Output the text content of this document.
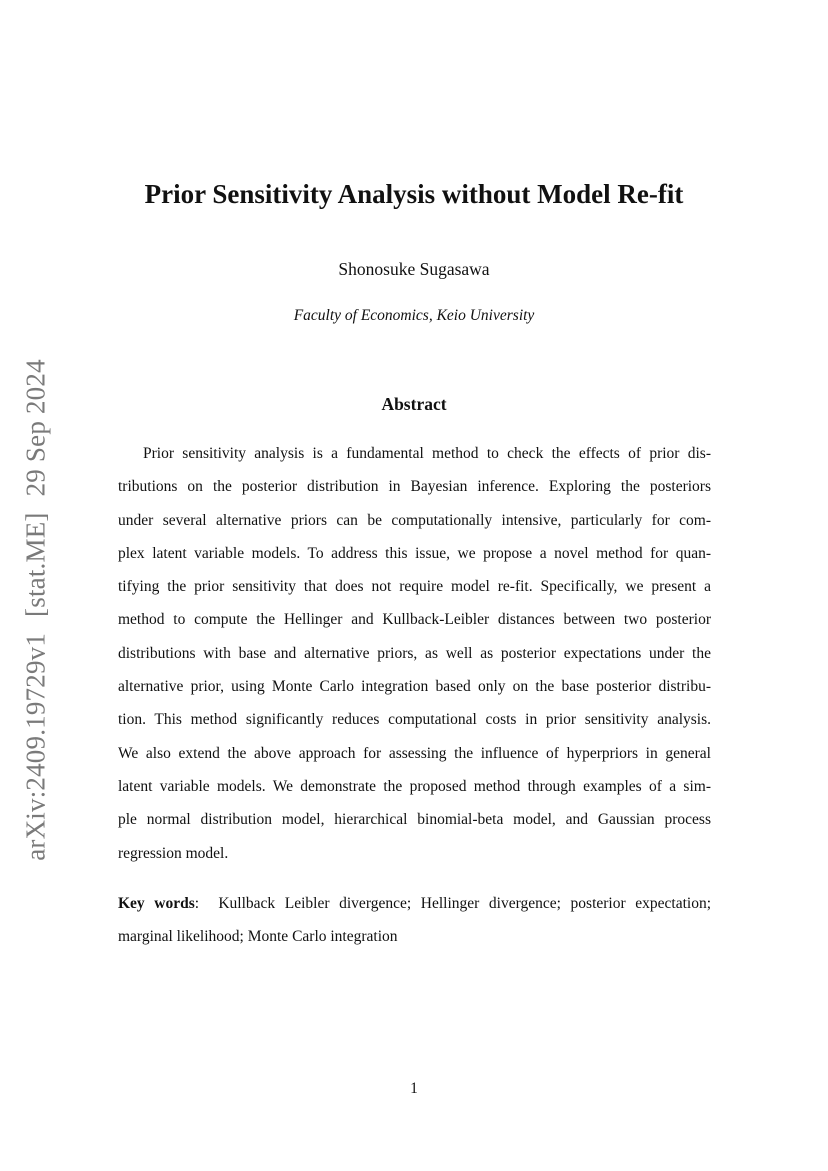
arXiv:2409.19729v1[stat.ME]29 Sep 2024
Prior Sensitivity Analysis without Model Re-fit
Shonosuke Sugasawa
Faculty of Economics, Keio University
Abstract
Prior sensitivity analysis is a fundamental method to check the effects of prior dis-
tributions on the posterior distribution in Bayesian inference. Exploring the posteriors
under several alternative priors can be computationally intensive, particularly for com-
plex latent variable models. To address this issue, we propose a novel method for quan-
tifying the prior sensitivity that does not require model re-fit. Specifically, we present a
method to compute the Hellinger and Kullback-Leibler distances between two posterior
distributions with base and alternative priors, as well as posterior expectations under the
alternative prior, using Monte Carlo integration based only on the base posterior distribu-
tion. This method significantly reduces computational costs in prior sensitivity analysis.
We also extend the above approach for assessing the influence of hyperpriors in general
latent variable models. We demonstrate the proposed method through examples of a sim-
ple normal distribution model, hierarchical binomial-beta model, and Gaussian process
regression model.
Key words: Kullback Leibler divergence; Hellinger divergence; posterior expectation;
marginal likelihood; Monte Carlo integration
1
